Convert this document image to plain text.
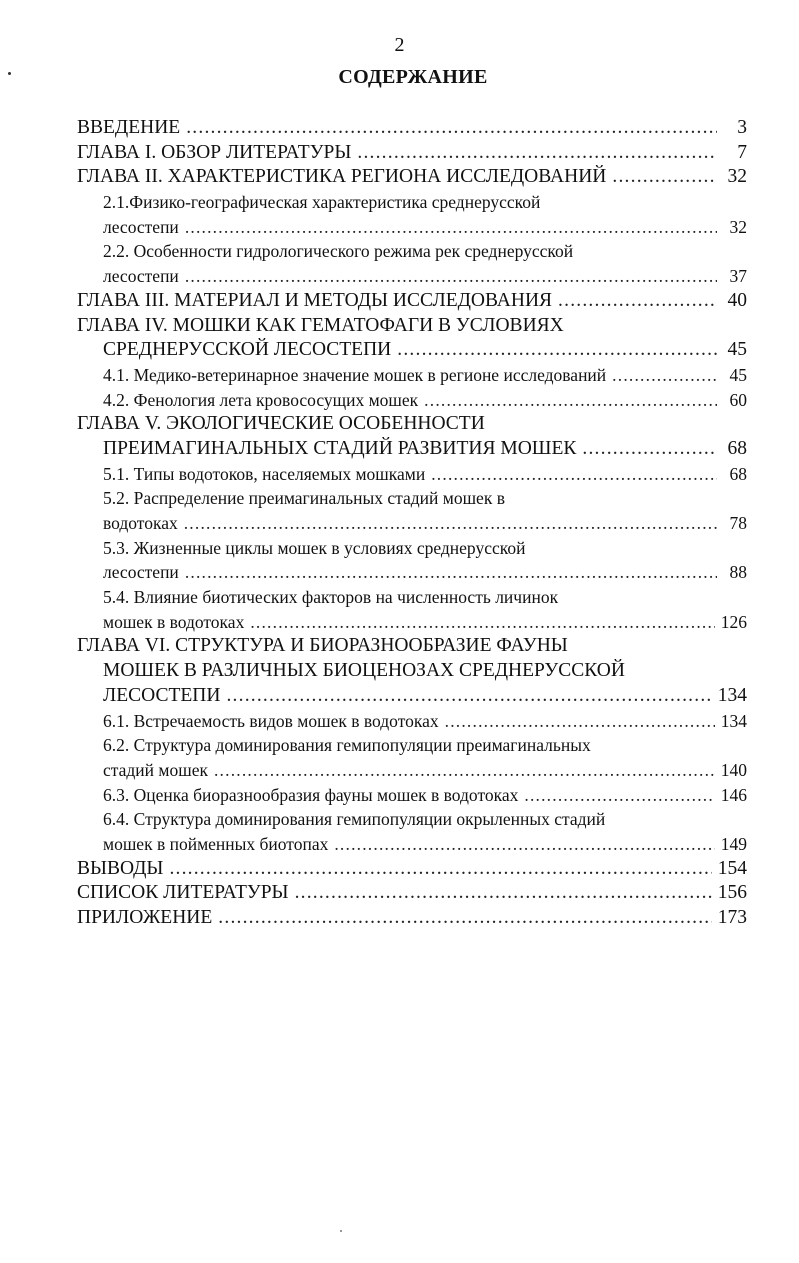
2
СОДЕРЖАНИЕ
ВВЕДЕНИЕ .....	3
ГЛАВА I. ОБЗОР ЛИТЕРАТУРЫ .....	7
ГЛАВА II. ХАРАКТЕРИСТИКА РЕГИОНА ИССЛЕДОВАНИЙ .....	32
2.1.Физико-географическая характеристика среднерусской
лесостепи .....	32
2.2. Особенности гидрологического режима рек среднерусской
лесостепи .....	37
ГЛАВА III. МАТЕРИАЛ И МЕТОДЫ ИССЛЕДОВАНИЯ .....	40
ГЛАВА IV. МОШКИ КАК ГЕМАТОФАГИ В УСЛОВИЯХ
СРЕДНЕРУССКОЙ ЛЕСОСТЕПИ .....	45
4.1. Медико-ветеринарное значение мошек в регионе исследований .....	45
4.2. Фенология лета кровососущих мошек .....	60
ГЛАВА V. ЭКОЛОГИЧЕСКИЕ ОСОБЕННОСТИ
ПРЕИМАГИНАЛЬНЫХ СТАДИЙ РАЗВИТИЯ МОШЕК .....	68
5.1. Типы водотоков, населяемых мошками .....	68
5.2. Распределение преимагинальных стадий мошек в
водотоках .....	78
5.3. Жизненные циклы мошек в условиях среднерусской
лесостепи .....	88
5.4. Влияние биотических факторов на численность личинок
мошек в водотоках .....	126
ГЛАВА VI. СТРУКТУРА И БИОРАЗНООБРАЗИЕ ФАУНЫ
МОШЕК В РАЗЛИЧНЫХ БИОЦЕНОЗАХ СРЕДНЕРУССКОЙ
ЛЕСОСТЕПИ .....	134
6.1. Встречаемость видов мошек в водотоках .....	134
6.2. Структура доминирования гемипопуляции преимагинальных
стадий мошек .....	140
6.3. Оценка биоразнообразия фауны мошек в водотоках .....	146
6.4. Структура доминирования гемипопуляции окрыленных стадий
мошек в пойменных биотопах .....	149
ВЫВОДЫ .....	154
СПИСОК ЛИТЕРАТУРЫ .....	156
ПРИЛОЖЕНИЕ .....	173
